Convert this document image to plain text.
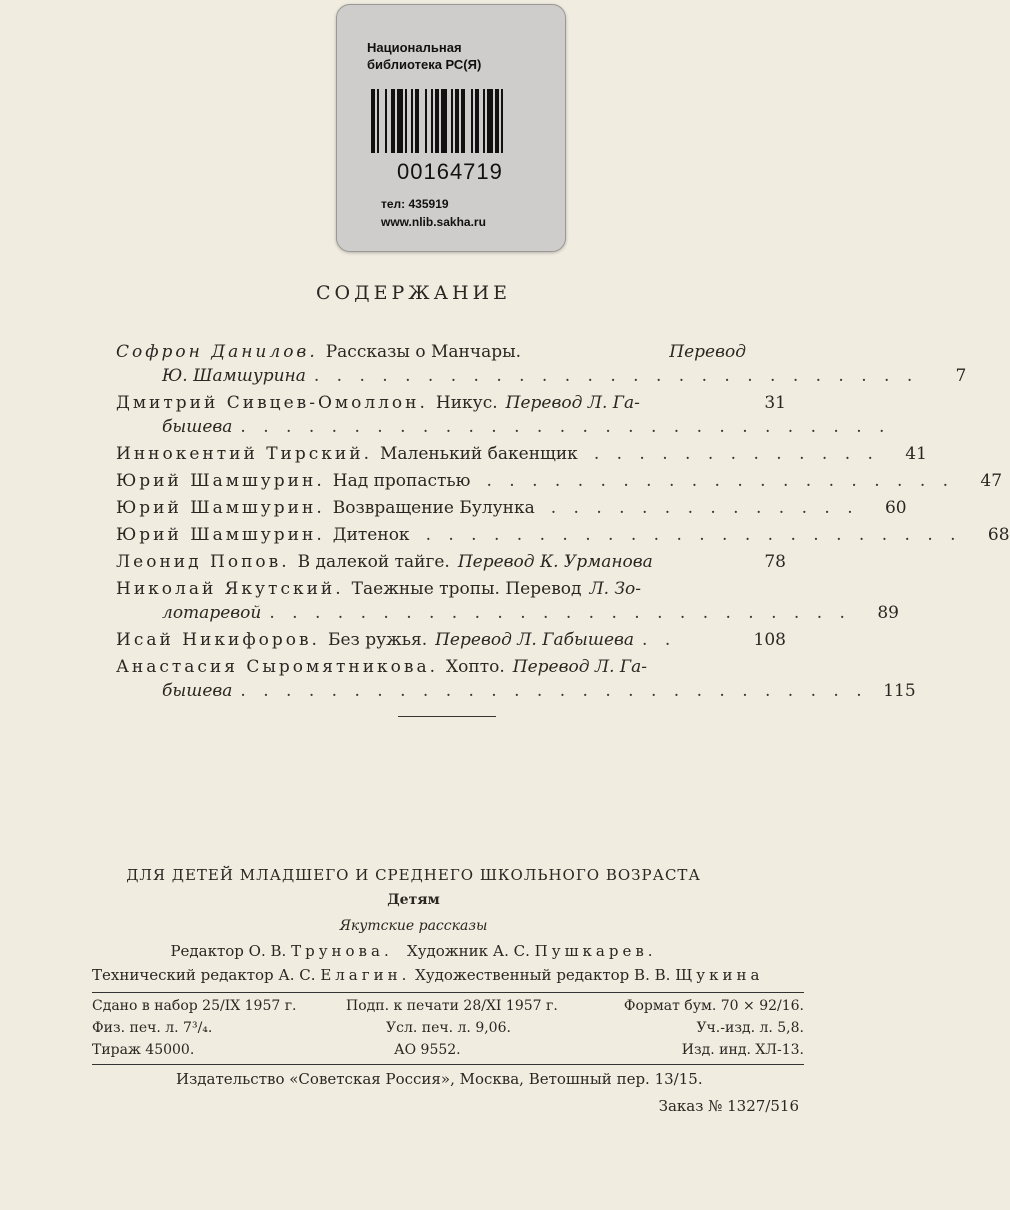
Национальная
библиотека РС(Я)
00164719
тел: 435919
www.nlib.sakha.ru
СОДЕРЖАНИЕ
Софрон Данилов. Рассказы о Манчары.	Перевод
Ю. Шамшурина . . . . . . . . . . . . . . . . . . . . . . . . . . .	7
Дмитрий Сивцев-Омоллон. Никус. Перевод Л. Га-	31
бышева . . . . . . . . . . . . . . . . . . . . . . . . . . . . .
Иннокентий Тирский. Маленький бакенщик . . . . . . . . . . . . .	41
Юрий Шамшурин. Над пропастью . . . . . . . . . . . . . . . . . . . . .	47
Юрий Шамшурин. Возвращение Булунка . . . . . . . . . . . . . .	60
Юрий Шамшурин. Дитенок . . . . . . . . . . . . . . . . . . . . . . . .	68
Леонид Попов. В далекой тайге. Перевод К. Урманова	78
Николай Якутский. Таежные тропы. Перевод Л. Зо-
лотаревой . . . . . . . . . . . . . . . . . . . . . . . . . .	89
Исай Никифоров. Без ружья. Перевод Л. Габышева . .	108
Анастасия Сыромятникова. Хопто. Перевод Л. Га-
бышева . . . . . . . . . . . . . . . . . . . . . . . . . . . . 115
ДЛЯ ДЕТЕЙ МЛАДШЕГО И СРЕДНЕГО ШКОЛЬНОГО ВОЗРАСТА
Детям
Якутские рассказы
Редактор О. В. Трунова. Художник А. С. Пушкарев.
Технический редактор А. С. Елагин. Художественный редактор В. В. Щукина
Сдано в набор 25/IX 1957 г.	Подп. к печати 28/XI 1957 г.	Формат бум. 70 ⨯ 92/16.
Физ. печ. л. 7³/₄.	Усл. печ. л. 9,06.	Уч.-изд. л. 5,8.
Тираж 45000.	АО 9552.	Изд. инд. ХЛ-13.
Издательство «Советская Россия», Москва, Ветошный пер. 13/15.
Заказ № 1327/516
